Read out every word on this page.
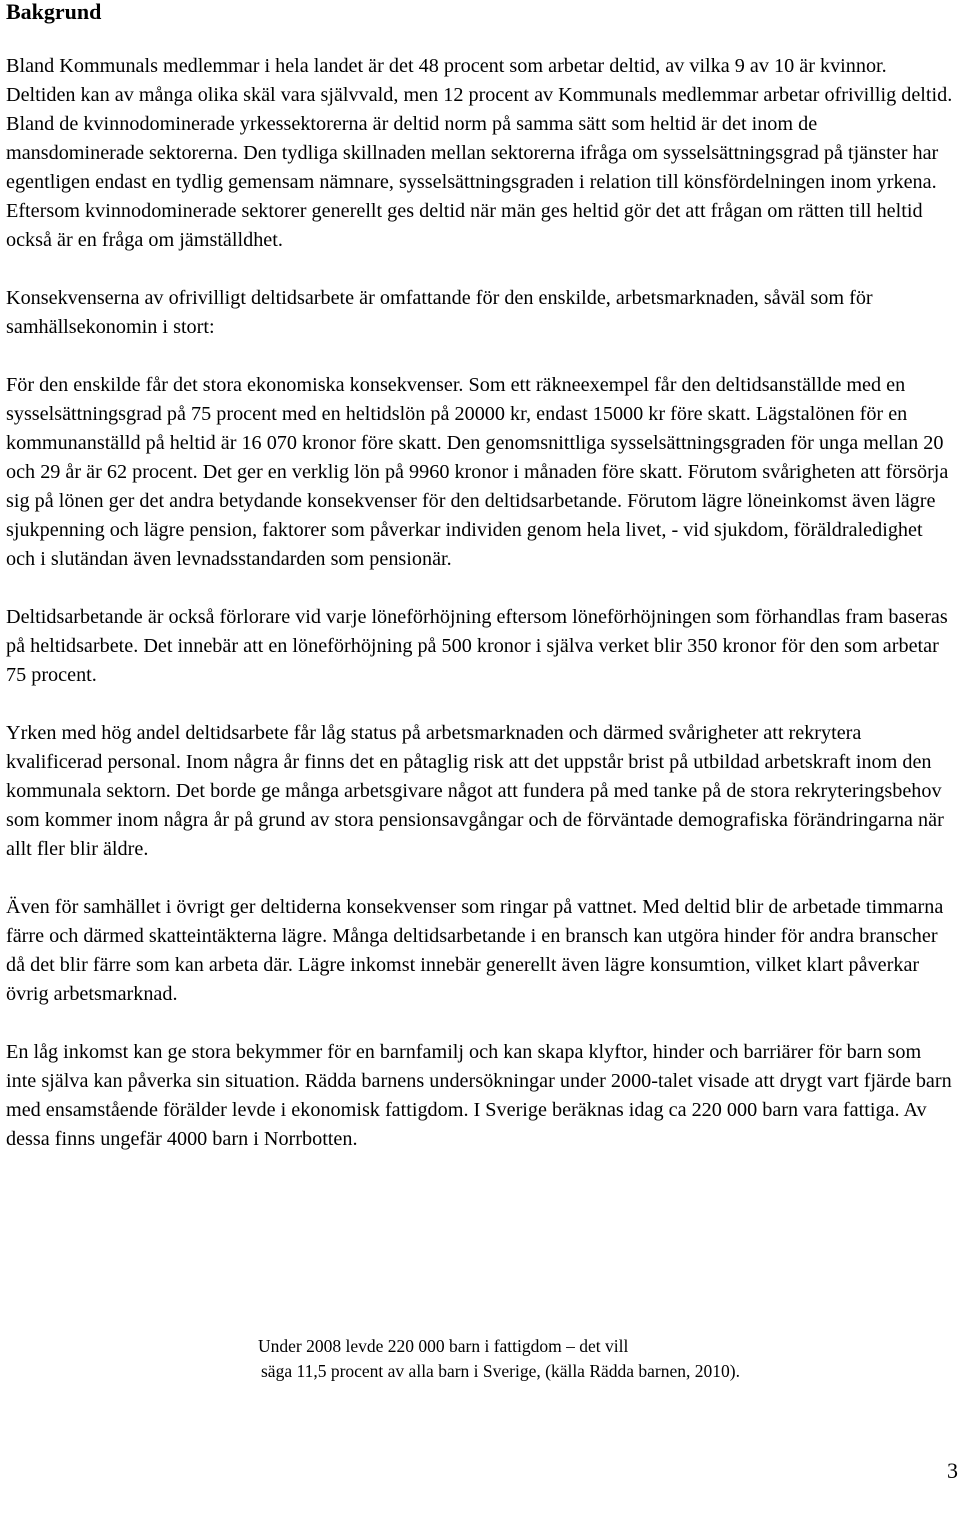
Bakgrund

Bland Kommunals medlemmar i hela landet är det 48 procent som arbetar deltid, av vilka 9 av 10 är kvinnor. Deltiden kan av många olika skäl vara självvald, men 12 procent av Kommunals medlemmar arbetar ofrivillig deltid. Bland de kvinnodominerade yrkessektorerna är deltid norm på samma sätt som heltid är det inom de mansdominerade sektorerna. Den tydliga skillnaden mellan sektorerna ifråga om sysselsättningsgrad på tjänster har egentligen endast en tydlig gemensam nämnare, sysselsättningsgraden i relation till könsfördelningen inom yrkena. Eftersom kvinnodominerade sektorer generellt ges deltid när män ges heltid gör det att frågan om rätten till heltid också är en fråga om jämställdhet.

Konsekvenserna av ofrivilligt deltidsarbete är omfattande för den enskilde, arbetsmarknaden, såväl som för samhällsekonomin i stort:

För den enskilde får det stora ekonomiska konsekvenser. Som ett räkneexempel får den deltidsanställde med en sysselsättningsgrad på 75 procent med en heltidslön på 20000 kr, endast 15000 kr före skatt. Lägstalönen för en kommunanställd på heltid är 16 070 kronor före skatt. Den genomsnittliga sysselsättningsgraden för unga mellan 20 och 29 år är 62 procent. Det ger en verklig lön på 9960 kronor i månaden före skatt. Förutom svårigheten att försörja sig på lönen ger det andra betydande konsekvenser för den deltidsarbetande. Förutom lägre löneinkomst även lägre sjukpenning och lägre pension, faktorer som påverkar individen genom hela livet, - vid sjukdom, föräldraledighet och i slutändan även levnadsstandarden som pensionär.

Deltidsarbetande är också förlorare vid varje löneförhöjning eftersom löneförhöjningen som förhandlas fram baseras på heltidsarbete. Det innebär att en löneförhöjning på 500 kronor i själva verket blir 350 kronor för den som arbetar 75 procent.

Yrken med hög andel deltidsarbete får låg status på arbetsmarknaden och därmed svårigheter att rekrytera kvalificerad personal. Inom några år finns det en påtaglig risk att det uppstår brist på utbildad arbetskraft inom den kommunala sektorn. Det borde ge många arbetsgivare något att fundera på med tanke på de stora rekryteringsbehov som kommer inom några år på grund av stora pensionsavgångar och de förväntade demografiska förändringarna när allt fler blir äldre.

Även för samhället i övrigt ger deltiderna konsekvenser som ringar på vattnet. Med deltid blir de arbetade timmarna färre och därmed skatteintäkterna lägre. Många deltidsarbetande i en bransch kan utgöra hinder för andra branscher då det blir färre som kan arbeta där. Lägre inkomst innebär generellt även lägre konsumtion, vilket klart påverkar övrig arbetsmarknad.

En låg inkomst kan ge stora bekymmer för en barnfamilj och kan skapa klyftor, hinder och barriärer för barn som inte själva kan påverka sin situation. Rädda barnens undersökningar under 2000-talet visade att drygt vart fjärde barn med ensamstående förälder levde i ekonomisk fattigdom. I Sverige beräknas idag ca 220 000 barn vara fattiga. Av dessa finns ungefär 4000 barn i Norrbotten.

Under 2008 levde 220 000 barn i fattigdom – det vill
säga 11,5 procent av alla barn i Sverige, (källa Rädda barnen, 2010).
3
